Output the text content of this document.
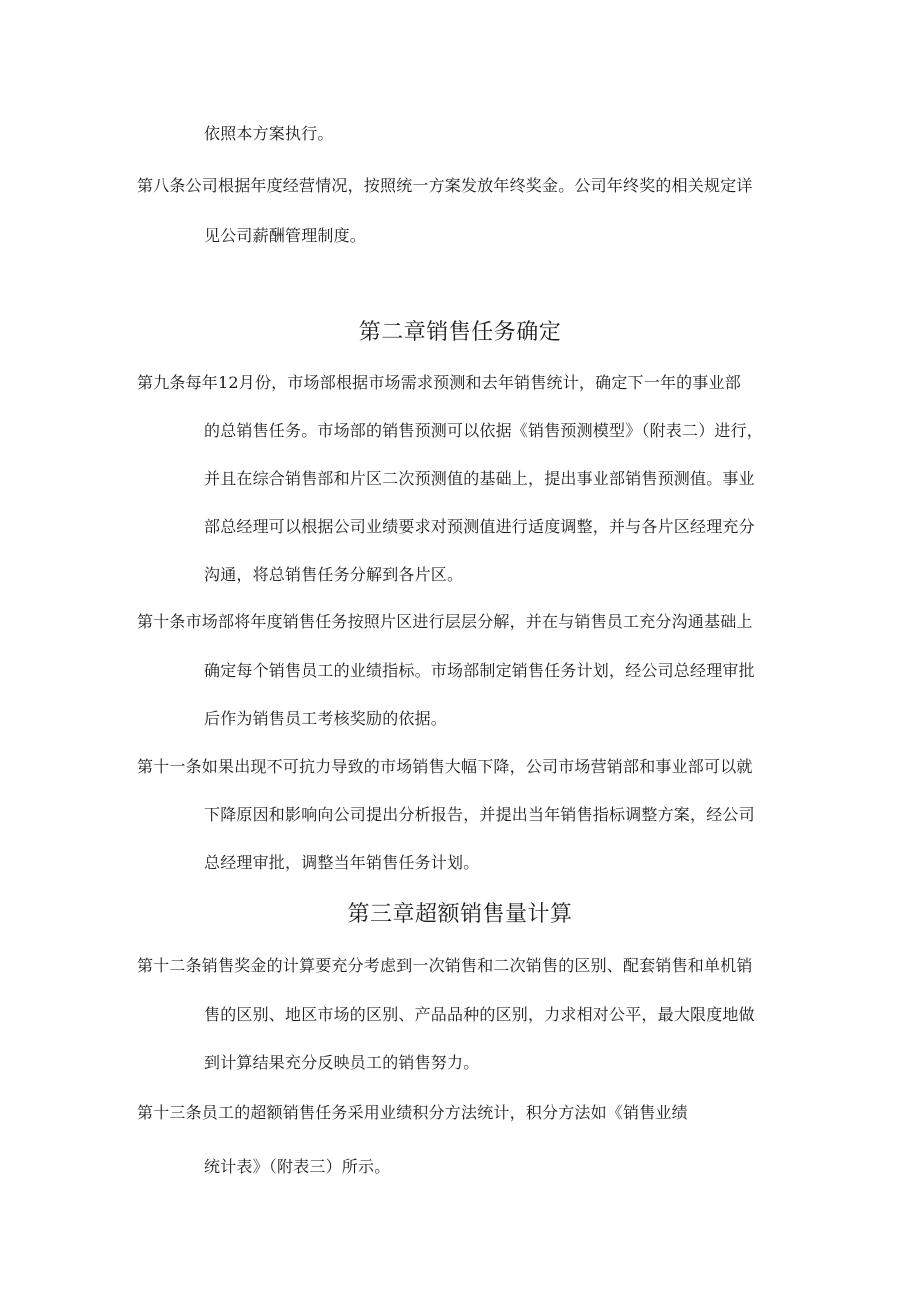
依照本方案执行。
第八条公司根据年度经营情况，按照统一方案发放年终奖金。公司年终奖的相关规定详
见公司薪酬管理制度。
第二章销售任务确定
第九条每年12月份，市场部根据市场需求预测和去年销售统计，确定下一年的事业部
的总销售任务。市场部的销售预测可以依据《销售预测模型》（附表二）进行，
并且在综合销售部和片区二次预测值的基础上，提出事业部销售预测值。事业
部总经理可以根据公司业绩要求对预测值进行适度调整，并与各片区经理充分
沟通，将总销售任务分解到各片区。
第十条市场部将年度销售任务按照片区进行层层分解，并在与销售员工充分沟通基础上
确定每个销售员工的业绩指标。市场部制定销售任务计划，经公司总经理审批
后作为销售员工考核奖励的依据。
第十一条如果出现不可抗力导致的市场销售大幅下降，公司市场营销部和事业部可以就
下降原因和影响向公司提出分析报告，并提出当年销售指标调整方案，经公司
总经理审批，调整当年销售任务计划。
第三章超额销售量计算
第十二条销售奖金的计算要充分考虑到一次销售和二次销售的区别、配套销售和单机销
售的区别、地区市场的区别、产品品种的区别，力求相对公平，最大限度地做
到计算结果充分反映员工的销售努力。
第十三条员工的超额销售任务采用业绩积分方法统计，积分方法如《销售业绩
统计表》（附表三）所示。
